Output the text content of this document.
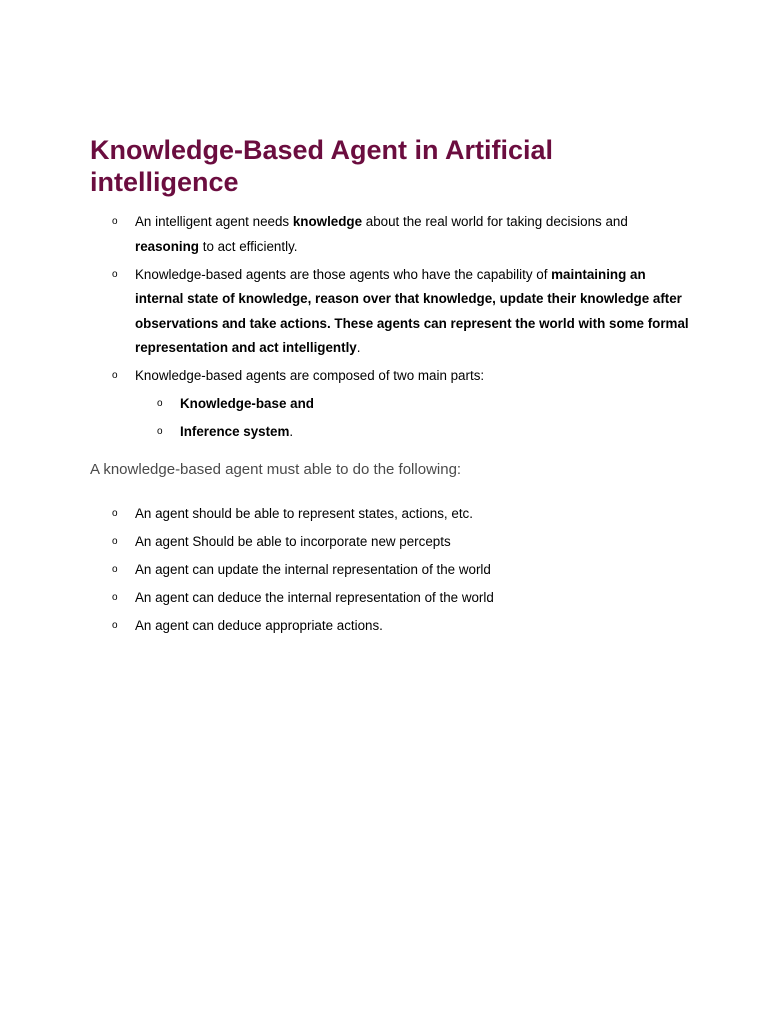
Knowledge-Based Agent in Artificial intelligence
o An intelligent agent needs knowledge about the real world for taking decisions and reasoning to act efficiently.
o Knowledge-based agents are those agents who have the capability of maintaining an internal state of knowledge, reason over that knowledge, update their knowledge after observations and take actions. These agents can represent the world with some formal representation and act intelligently.
o Knowledge-based agents are composed of two main parts:
o Knowledge-base and
o Inference system.

A knowledge-based agent must able to do the following:

o An agent should be able to represent states, actions, etc.
o An agent Should be able to incorporate new percepts
o An agent can update the internal representation of the world
o An agent can deduce the internal representation of the world
o An agent can deduce appropriate actions.
